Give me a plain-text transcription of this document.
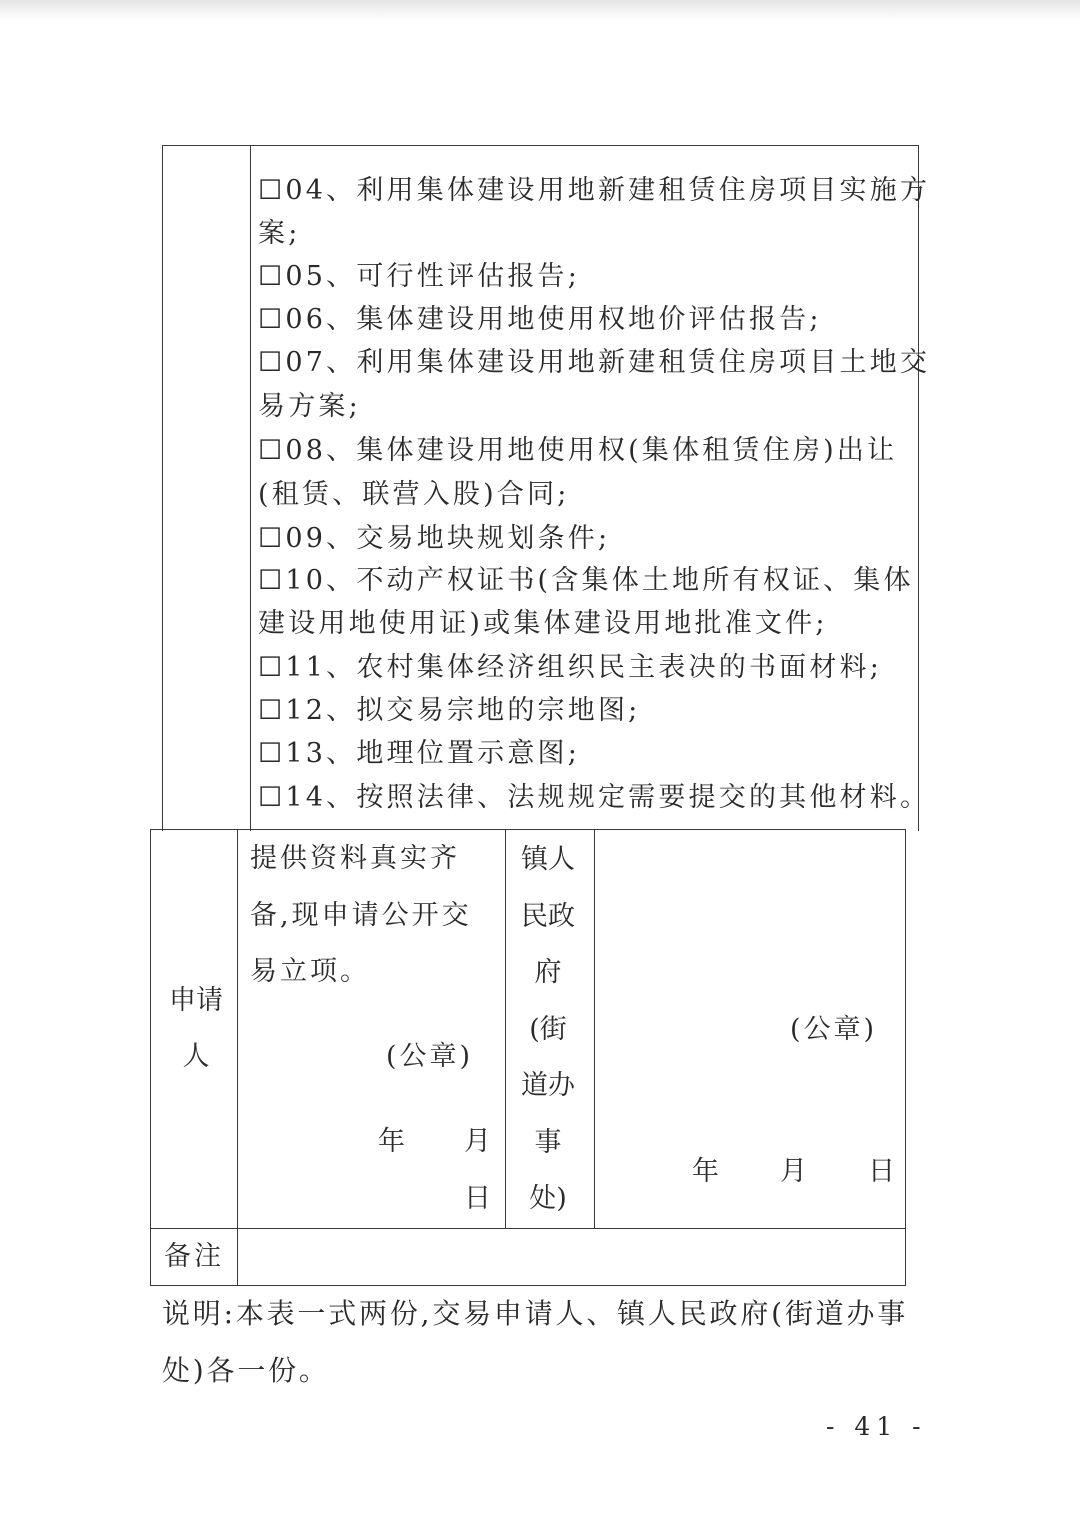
☐04、利用集体建设用地新建租赁住房项目实施方
案;
☐05、可行性评估报告;
☐06、集体建设用地使用权地价评估报告;
☐07、利用集体建设用地新建租赁住房项目土地交
易方案;
☐08、集体建设用地使用权(集体租赁住房)出让
(租赁、联营入股)合同;
☐09、交易地块规划条件;
☐10、不动产权证书(含集体土地所有权证、集体
建设用地使用证)或集体建设用地批准文件;
☐11、农村集体经济组织民主表决的书面材料;
☐12、拟交易宗地的宗地图;
☐13、地理位置示意图;
☐14、按照法律、法规规定需要提交的其他材料。
申请人
提供资料真实齐
备,现申请公开交
易立项。
(公章)
年 月
日
镇人民政府(街道办事处)
(公章)
年 月 日
备注
说明:本表一式两份,交易申请人、镇人民政府(街道办事
处)各一份。
- 41 -
